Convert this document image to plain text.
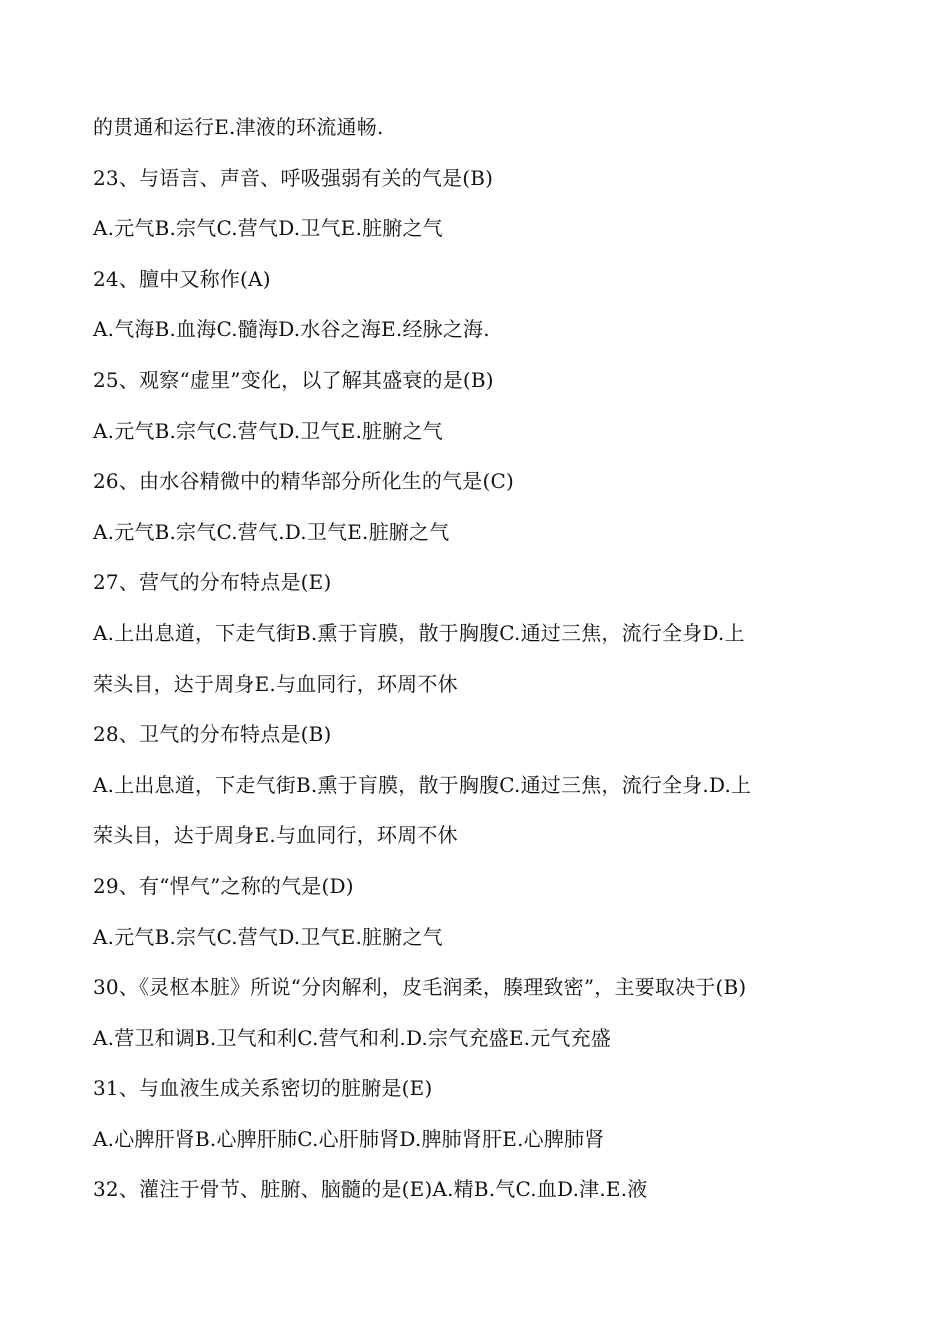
的贯通和运行E.津液的环流通畅.
23、与语言、声音、呼吸强弱有关的气是(B)
A.元气B.宗气C.营气D.卫气E.脏腑之气
24、膻中又称作(A)
A.气海B.血海C.髓海D.水谷之海E.经脉之海.
25、观察“虚里”变化，以了解其盛衰的是(B)
A.元气B.宗气C.营气D.卫气E.脏腑之气
26、由水谷精微中的精华部分所化生的气是(C)
A.元气B.宗气C.营气.D.卫气E.脏腑之气
27、营气的分布特点是(E)
A.上出息道，下走气街B.熏于肓膜，散于胸腹C.通过三焦，流行全身D.上
荣头目，达于周身E.与血同行，环周不休
28、卫气的分布特点是(B)
A.上出息道，下走气街B.熏于肓膜，散于胸腹C.通过三焦，流行全身.D.上
荣头目，达于周身E.与血同行，环周不休
29、有“悍气”之称的气是(D)
A.元气B.宗气C.营气D.卫气E.脏腑之气
30、《灵枢本脏》所说“分肉解利，皮毛润柔，腠理致密”，主要取决于(B)
A.营卫和调B.卫气和利C.营气和利.D.宗气充盛E.元气充盛
31、与血液生成关系密切的脏腑是(E)
A.心脾肝肾B.心脾肝肺C.心肝肺肾D.脾肺肾肝E.心脾肺肾
32、灌注于骨节、脏腑、脑髓的是(E)A.精B.气C.血D.津.E.液
